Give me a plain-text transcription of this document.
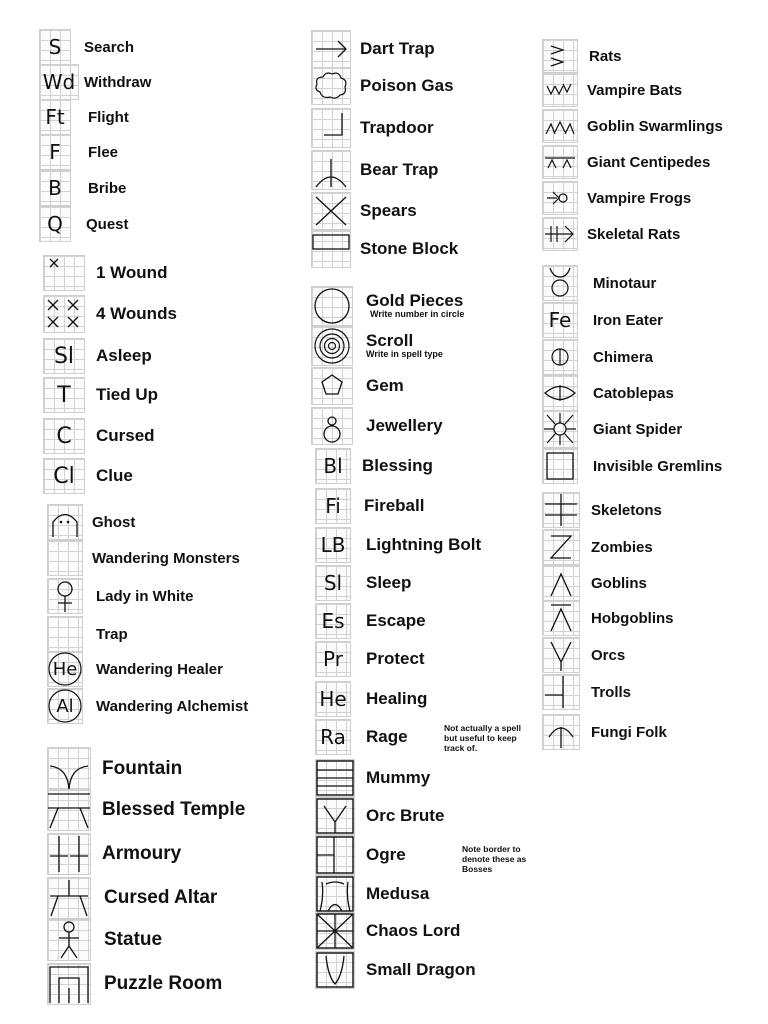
S	Search
Wd Withdraw
Ft	Flight
F	Flee
B	Bribe
Q	Quest
1 Wound
4 Wounds
Sl	Asleep
T	Tied Up
C	Cursed
Cl	Clue
Ghost
Wandering Monsters
Lady in White
Trap
He	Wandering Healer
Al	Wandering Alchemist
Fountain
Blessed Temple
Armoury
Cursed Altar
Statue
Puzzle Room
Dart Trap
Poison Gas
Trapdoor
Bear Trap
Spears
Stone Block
Gold Pieces
Write number in circle
Scroll
Write in spell type
Gem
Jewellery
Bl	Blessing
Fi	Fireball
LB Lightning Bolt
Sl	Sleep
Es	Escape
Pr	Protect
He Healing
Ra Rage	Not actually a spell
but useful to keep
track of.
Mummy
Orc Brute
Ogre	Note border to
denote these as
Bosses
Medusa
Chaos Lord
Small Dragon
Rats
Vampire Bats
Goblin Swarmlings
Giant Centipedes
Vampire Frogs
Skeletal Rats
Minotaur
Fe	Iron Eater
Chimera
Catoblepas
Giant Spider
Invisible Gremlins
Skeletons
Zombies
Goblins
Hobgoblins
Orcs
Trolls
Fungi Folk
